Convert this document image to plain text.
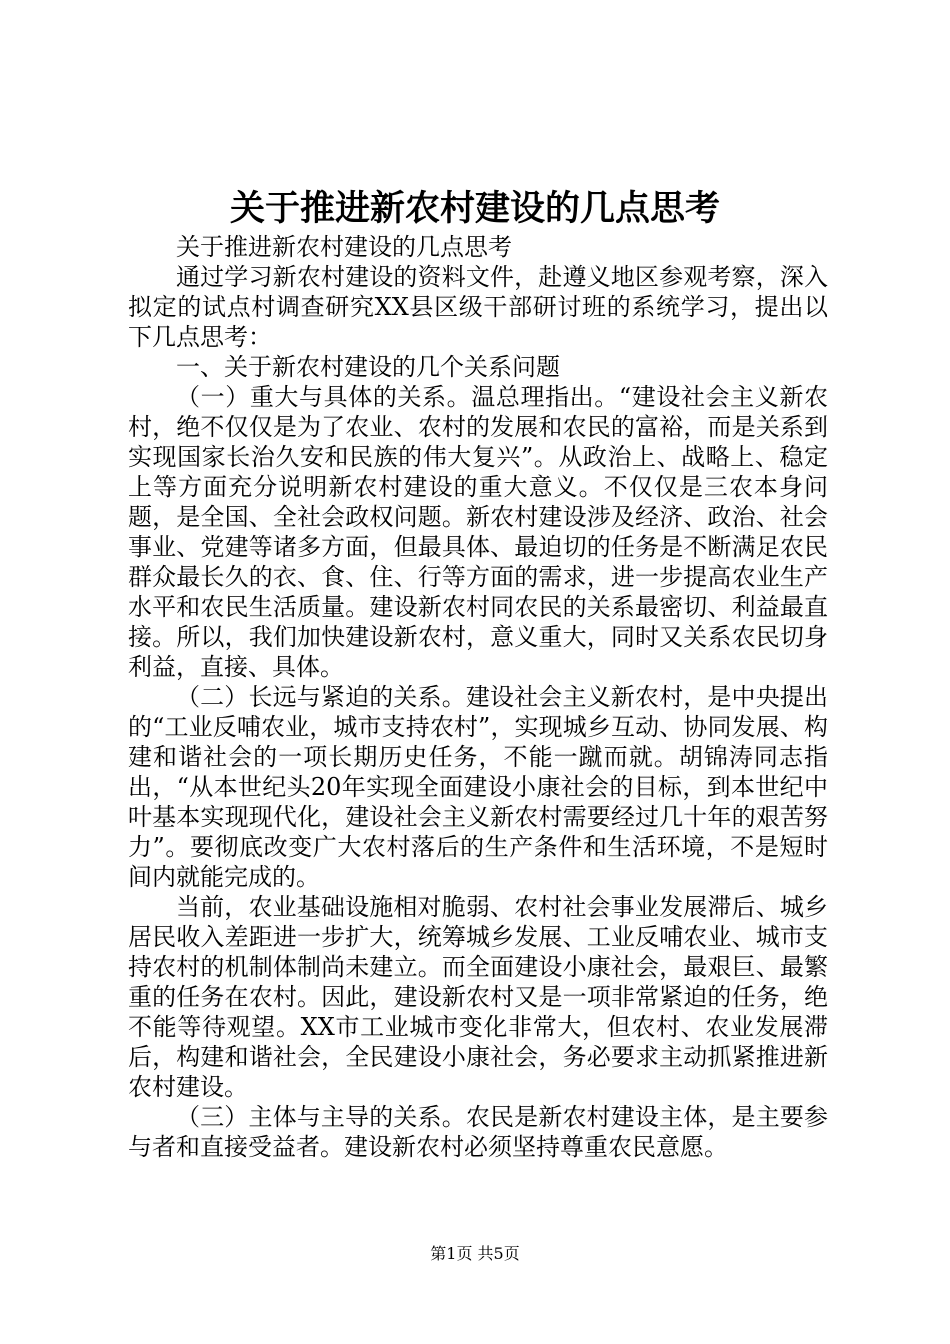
关于推进新农村建设的几点思考

关于推进新农村建设的几点思考

通过学习新农村建设的资料文件，赴遵义地区参观考察，深入拟定的试点村调查研究XX县区级干部研讨班的系统学习，提出以下几点思考：

一、关于新农村建设的几个关系问题

（一）重大与具体的关系。温总理指出。“建设社会主义新农村，绝不仅仅是为了农业、农村的发展和农民的富裕，而是关系到实现国家长治久安和民族的伟大复兴”。从政治上、战略上、稳定上等方面充分说明新农村建设的重大意义。不仅仅是三农本身问题，是全国、全社会政权问题。新农村建设涉及经济、政治、社会事业、党建等诸多方面，但最具体、最迫切的任务是不断满足农民群众最长久的衣、食、住、行等方面的需求，进一步提高农业生产水平和农民生活质量。建设新农村同农民的关系最密切、利益最直接。所以，我们加快建设新农村，意义重大，同时又关系农民切身利益，直接、具体。

（二）长远与紧迫的关系。建设社会主义新农村，是中央提出的“工业反哺农业，城市支持农村”，实现城乡互动、协同发展、构建和谐社会的一项长期历史任务，不能一蹴而就。胡锦涛同志指出，“从本世纪头20年实现全面建设小康社会的目标，到本世纪中叶基本实现现代化，建设社会主义新农村需要经过几十年的艰苦努力”。要彻底改变广大农村落后的生产条件和生活环境，不是短时间内就能完成的。

当前，农业基础设施相对脆弱、农村社会事业发展滞后、城乡居民收入差距进一步扩大，统筹城乡发展、工业反哺农业、城市支持农村的机制体制尚未建立。而全面建设小康社会，最艰巨、最繁重的任务在农村。因此，建设新农村又是一项非常紧迫的任务，绝不能等待观望。XX市工业城市变化非常大，但农村、农业发展滞后，构建和谐社会，全民建设小康社会，务必要求主动抓紧推进新农村建设。

（三）主体与主导的关系。农民是新农村建设主体，是主要参与者和直接受益者。建设新农村必须坚持尊重农民意愿。

第1页 共5页
